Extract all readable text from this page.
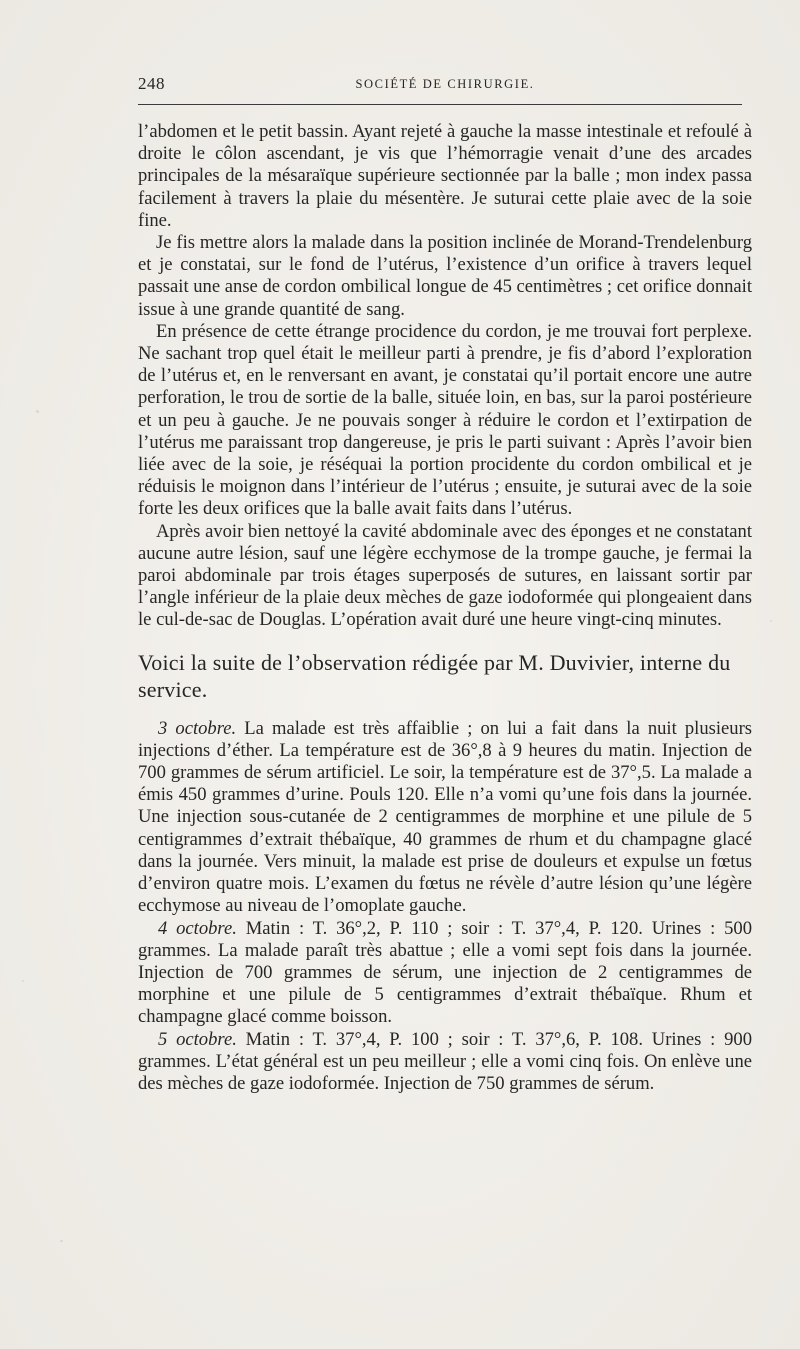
248	SOCIÉTÉ DE CHIRURGIE.

l’abdomen et le petit bassin. Ayant rejeté à gauche la masse intestinale et refoulé à droite le côlon ascendant, je vis que l’hémorragie venait d’une des arcades principales de la mésaraïque supérieure sectionnée par la balle ; mon index passa facilement à travers la plaie du mésentère. Je suturai cette plaie avec de la soie fine.

Je fis mettre alors la malade dans la position inclinée de Morand-Trendelenburg et je constatai, sur le fond de l’utérus, l’existence d’un orifice à travers lequel passait une anse de cordon ombilical longue de 45 centimètres ; cet orifice donnait issue à une grande quantité de sang.

En présence de cette étrange procidence du cordon, je me trouvai fort perplexe. Ne sachant trop quel était le meilleur parti à prendre, je fis d’abord l’exploration de l’utérus et, en le renversant en avant, je constatai qu’il portait encore une autre perforation, le trou de sortie de la balle, située loin, en bas, sur la paroi postérieure et un peu à gauche. Je ne pouvais songer à réduire le cordon et l’extirpation de l’utérus me paraissant trop dangereuse, je pris le parti suivant : Après l’avoir bien liée avec de la soie, je réséquai la portion procidente du cordon ombilical et je réduisis le moignon dans l’intérieur de l’utérus ; ensuite, je suturai avec de la soie forte les deux orifices que la balle avait faits dans l’utérus.

Après avoir bien nettoyé la cavité abdominale avec des éponges et ne constatant aucune autre lésion, sauf une légère ecchymose de la trompe gauche, je fermai la paroi abdominale par trois étages superposés de sutures, en laissant sortir par l’angle inférieur de la plaie deux mèches de gaze iodoformée qui plongeaient dans le cul-de-sac de Douglas. L’opération avait duré une heure vingt-cinq minutes.

Voici la suite de l’observation rédigée par M. Duvivier, interne du service.

3 octobre. La malade est très affaiblie ; on lui a fait dans la nuit plusieurs injections d’éther. La température est de 36°,8 à 9 heures du matin. Injection de 700 grammes de sérum artificiel. Le soir, la température est de 37°,5. La malade a émis 450 grammes d’urine. Pouls 120. Elle n’a vomi qu’une fois dans la journée. Une injection sous-cutanée de 2 centigrammes de morphine et une pilule de 5 centigrammes d’extrait thébaïque, 40 grammes de rhum et du champagne glacé dans la journée. Vers minuit, la malade est prise de douleurs et expulse un fœtus d’environ quatre mois. L’examen du fœtus ne révèle d’autre lésion qu’une légère ecchymose au niveau de l’omoplate gauche.

4 octobre. Matin : T. 36°,2, P. 110 ; soir : T. 37°,4, P. 120. Urines : 500 grammes. La malade paraît très abattue ; elle a vomi sept fois dans la journée. Injection de 700 grammes de sérum, une injection de 2 centigrammes de morphine et une pilule de 5 centigrammes d’extrait thébaïque. Rhum et champagne glacé comme boisson.

5 octobre. Matin : T. 37°,4, P. 100 ; soir : T. 37°,6, P. 108. Urines : 900 grammes. L’état général est un peu meilleur ; elle a vomi cinq fois. On enlève une des mèches de gaze iodoformée. Injection de 750 grammes de sérum.
